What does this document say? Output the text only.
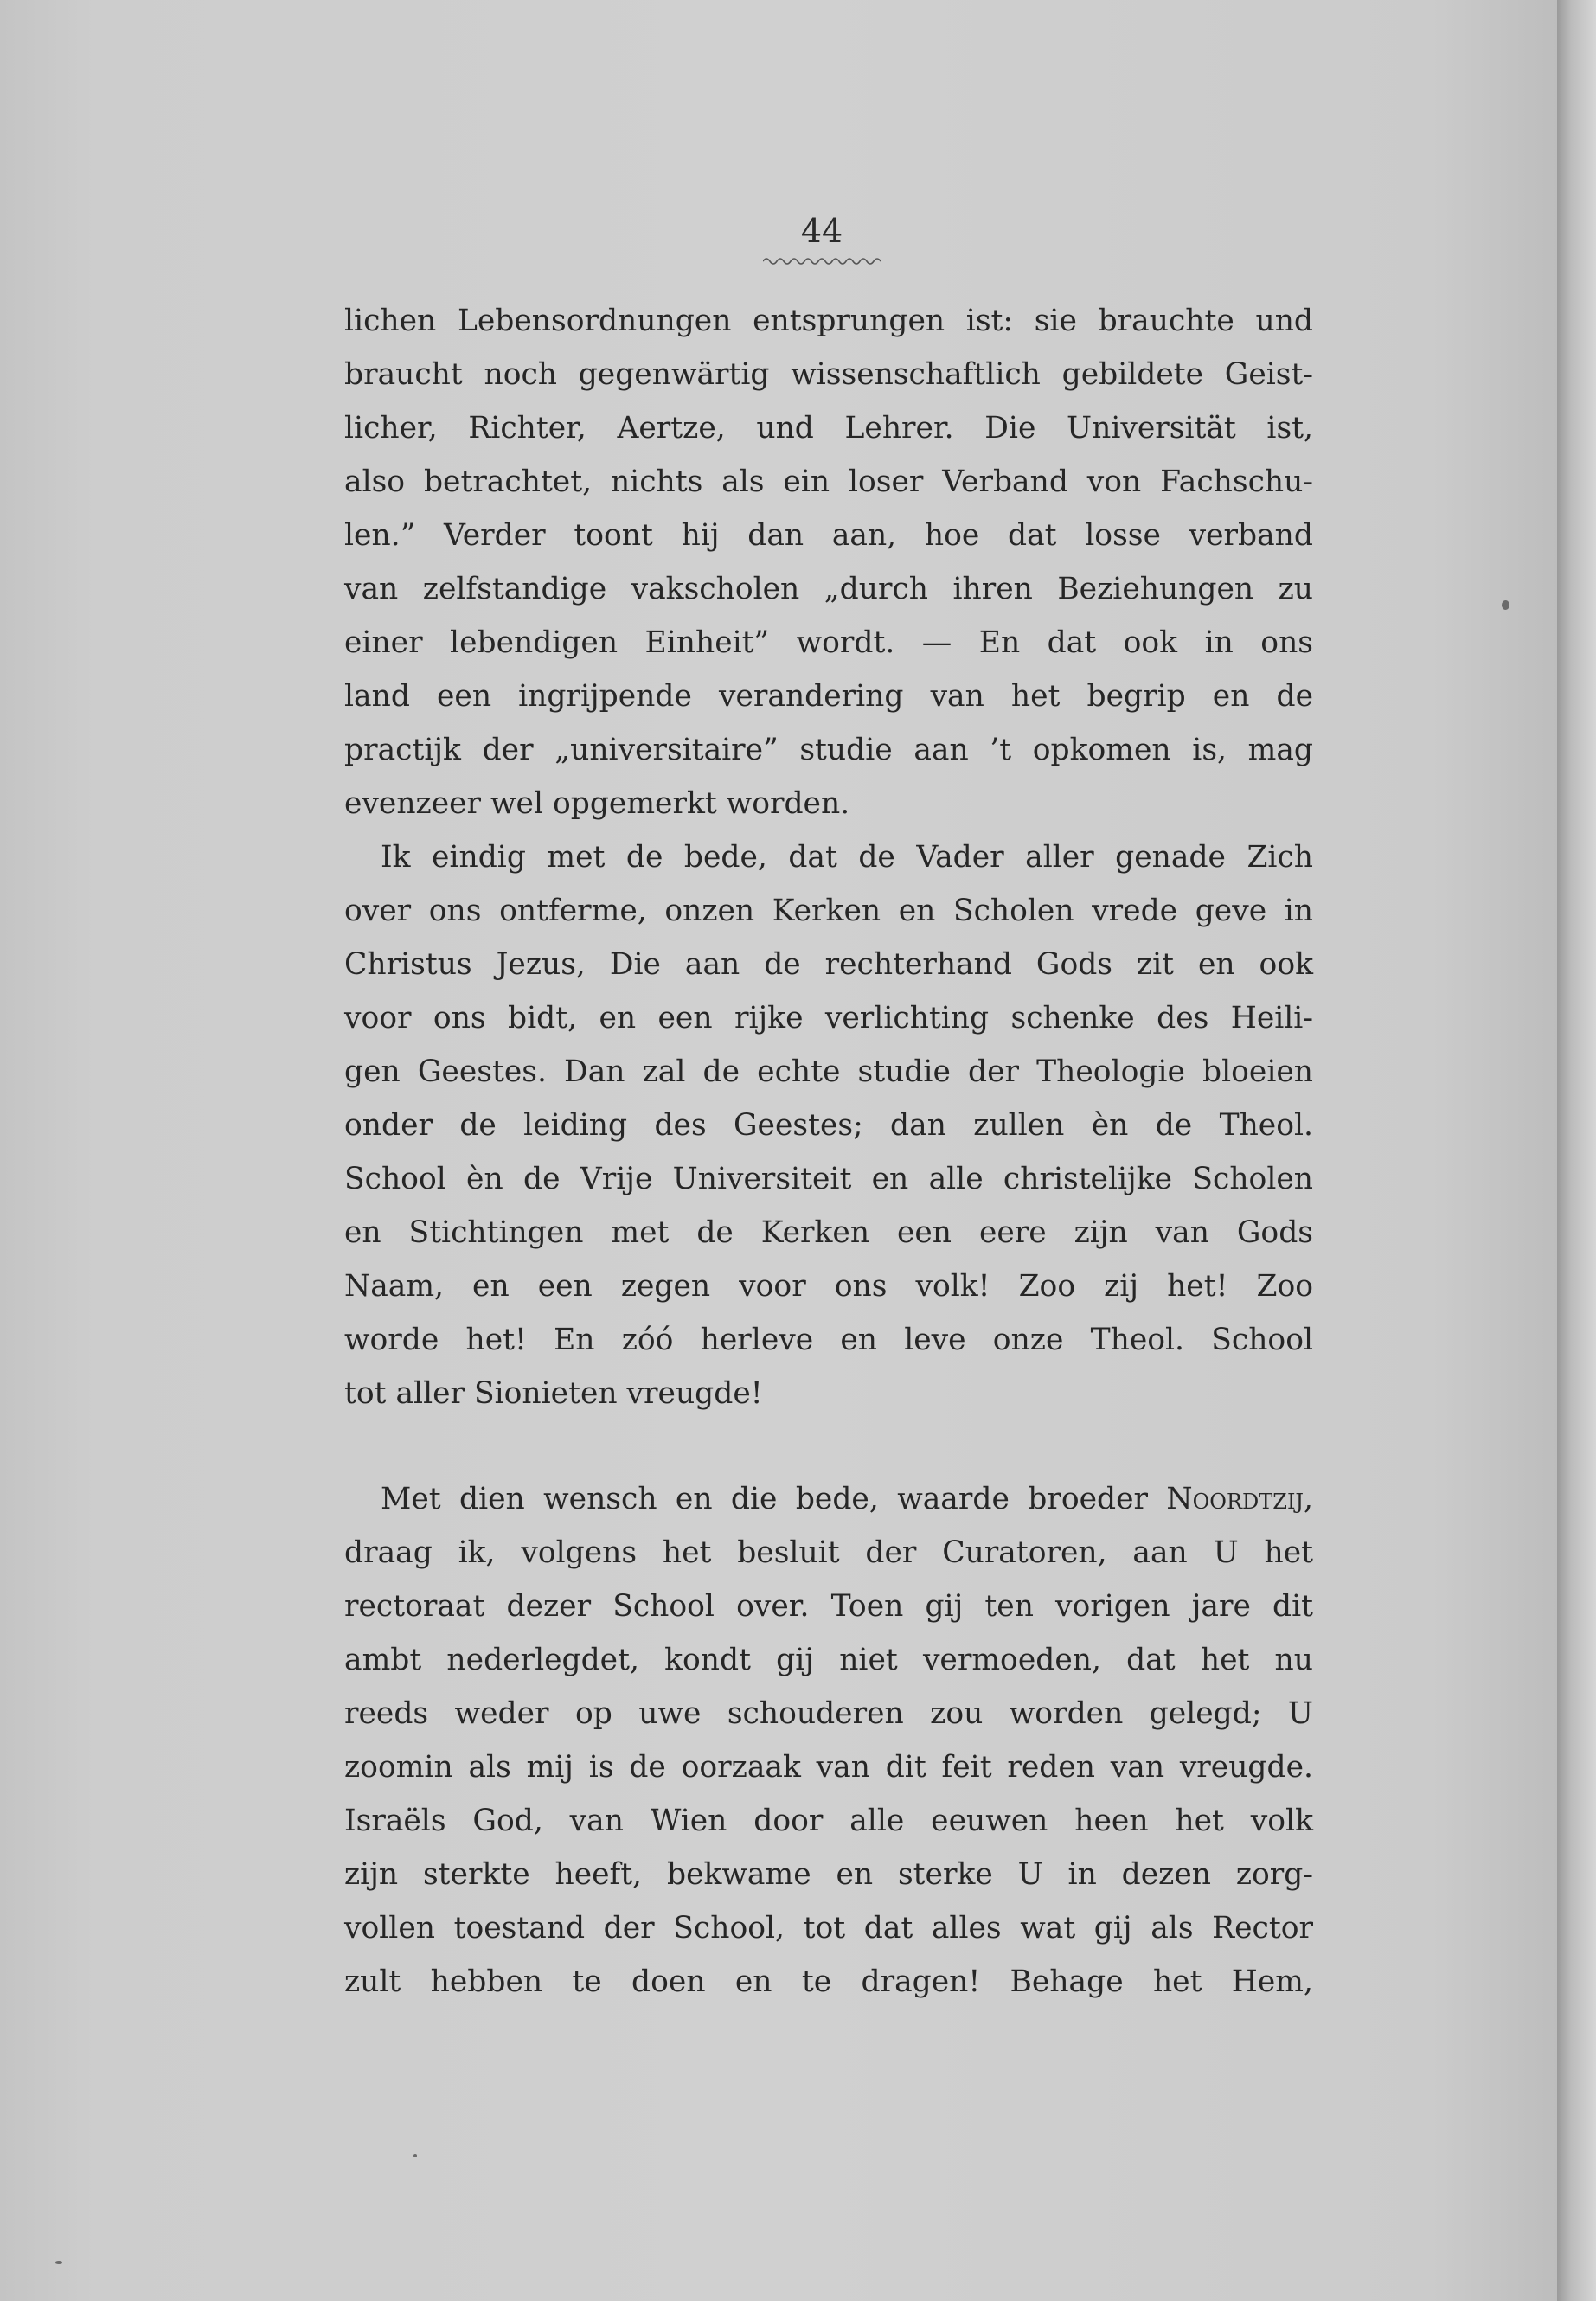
44
lichen Lebensordnungen entsprungen ist: sie brauchte und
braucht noch gegenwärtig wissenschaftlich gebildete Geist-
licher, Richter, Aertze, und Lehrer. Die Universität ist,
also betrachtet, nichts als ein loser Verband von Fachschu-
len.” Verder toont hij dan aan, hoe dat losse verband
van zelfstandige vakscholen „durch ihren Beziehungen zu
einer lebendigen Einheit” wordt. — En dat ook in ons
land een ingrijpende verandering van het begrip en de
practijk der „universitaire” studie aan ’t opkomen is, mag
evenzeer wel opgemerkt worden.
Ik eindig met de bede, dat de Vader aller genade Zich
over ons ontferme, onzen Kerken en Scholen vrede geve in
Christus Jezus, Die aan de rechterhand Gods zit en ook
voor ons bidt, en een rijke verlichting schenke des Heili-
gen Geestes. Dan zal de echte studie der Theologie bloeien
onder de leiding des Geestes; dan zullen èn de Theol.
School èn de Vrije Universiteit en alle christelijke Scholen
en Stichtingen met de Kerken een eere zijn van Gods
Naam, en een zegen voor ons volk! Zoo zij het! Zoo
worde het! En zóó herleve en leve onze Theol. School
tot aller Sionieten vreugde!
Met dien wensch en die bede, waarde broeder Noordtzij,
draag ik, volgens het besluit der Curatoren, aan U het
rectoraat dezer School over. Toen gij ten vorigen jare dit
ambt nederlegdet, kondt gij niet vermoeden, dat het nu
reeds weder op uwe schouderen zou worden gelegd; U
zoomin als mij is de oorzaak van dit feit reden van vreugde.
Israëls God, van Wien door alle eeuwen heen het volk
zijn sterkte heeft, bekwame en sterke U in dezen zorg-
vollen toestand der School, tot dat alles wat gij als Rector
zult hebben te doen en te dragen! Behage het Hem,
